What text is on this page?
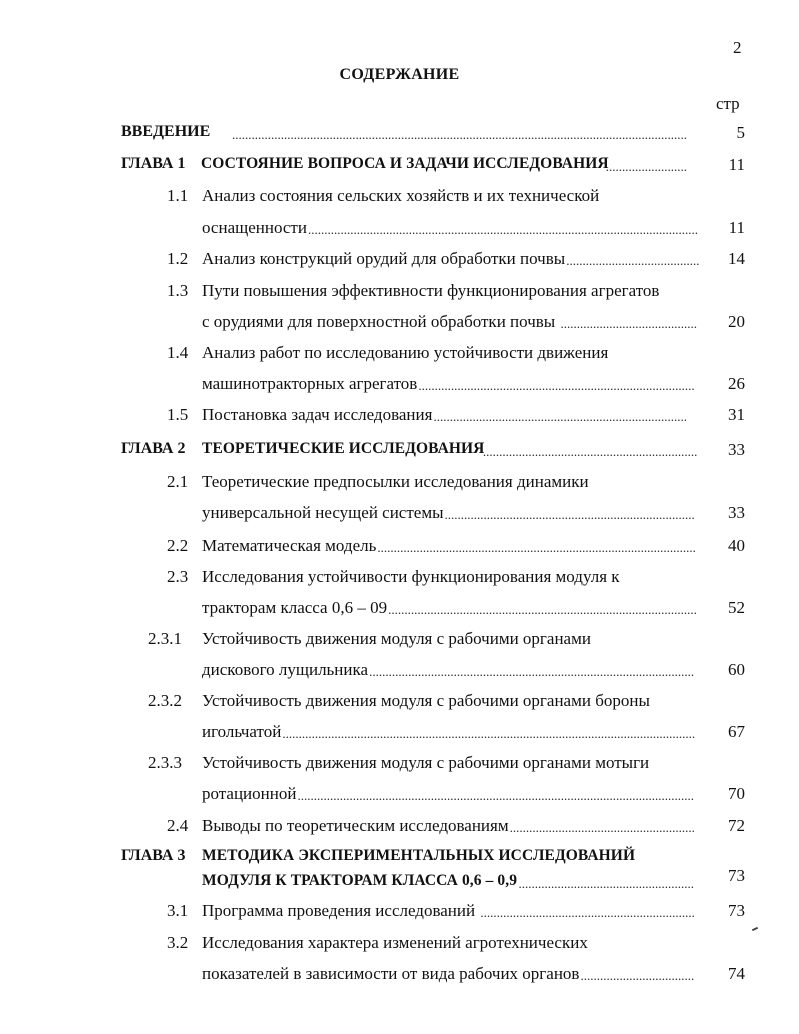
2
СОДЕРЖАНИЕ
стр
ВВЕДЕНИЕ ............................................................................................................................................	5
ГЛАВА 1 СОСТОЯНИЕ ВОПРОСА И ЗАДАЧИ ИССЛЕДОВАНИЯ
.........................	11
1.1 Анализ состояния сельских хозяйств и их технической
оснащенности ........................................................................................................................	11
1.2 Анализ конструкций орудий для обработки почвы .........................................	14
1.3 Пути повышения эффективности функционирования агрегатов
с орудиями для поверхностной обработки почвы ..........................................	20
1.4 Анализ работ по исследованию устойчивости движения
машинотракторных агрегатов .....................................................................................	26
1.5 Постановка задач исследования ..............................................................................	31
ГЛАВА 2 ТЕОРЕТИЧЕСКИЕ ИССЛЕДОВАНИЯ
..................................................................	33
2.1 Теоретические предпосылки исследования динамики
универсальной несущей системы .............................................................................	33
2.2 Математическая модель ..................................................................................................	40
2.3 Исследования устойчивости функционирования модуля к
тракторам класса 0,6 – 09 ...............................................................................................	52
2.3.1 Устойчивость движения модуля с рабочими органами
дискового лущильника ....................................................................................................	60
2.3.2 Устойчивость движения модуля с рабочими органами бороны
игольчатой ...............................................................................................................................	67
2.3.3 Устойчивость движения модуля с рабочими органами мотыги
ротационной ..........................................................................................................................	70
2.4 Выводы по теоретическим исследованиям .........................................................	72
ГЛАВА 3 МЕТОДИКА ЭКСПЕРИМЕНТАЛЬНЫХ ИССЛЕДОВАНИЙ
МОДУЛЯ К ТРАКТОРАМ КЛАССА 0,6 – 0,9 ......................................................	73
3.1 Программа проведения исследований ..................................................................	73
3.2 Исследования характера изменений агротехнических
показателей в зависимости от вида рабочих органов ...................................	74
